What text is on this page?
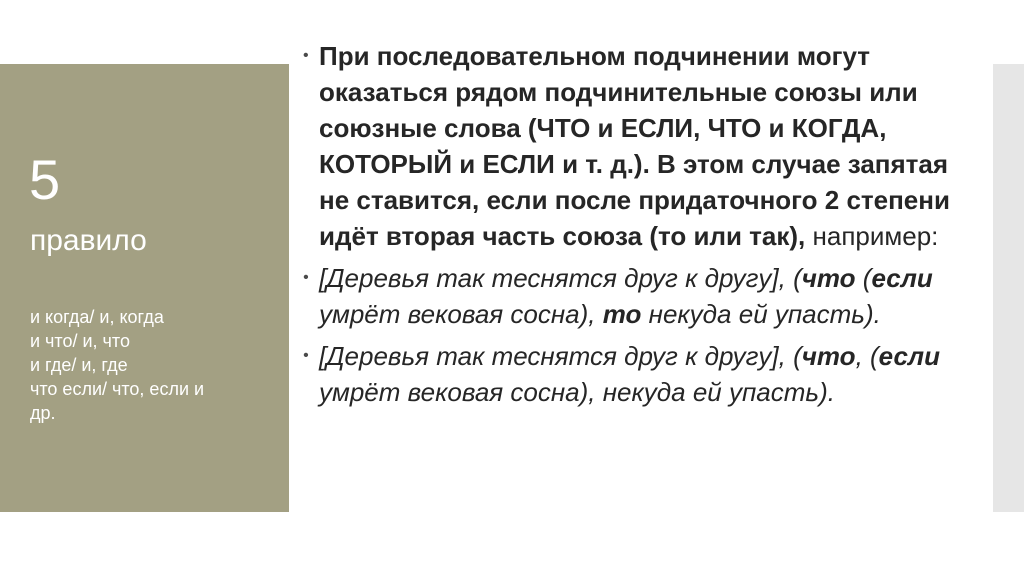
5
правило
и когда/ и, когда
и что/ и, что
и где/ и, где
что если/ что, если и
др.
• При последовательном подчинении могут оказаться рядом подчинительные союзы или союзные слова (ЧТО и ЕСЛИ, ЧТО и КОГДА, КОТОРЫЙ и ЕСЛИ и т. д.). В этом случае запятая не ставится, если после придаточного 2 степени идёт вторая часть союза (то или так), например:
• [Деревья так теснятся друг к другу], (что (если умрёт вековая сосна), то некуда ей упасть).
• [Деревья так теснятся друг к другу], (что, (если умрёт вековая сосна), некуда ей упасть).
